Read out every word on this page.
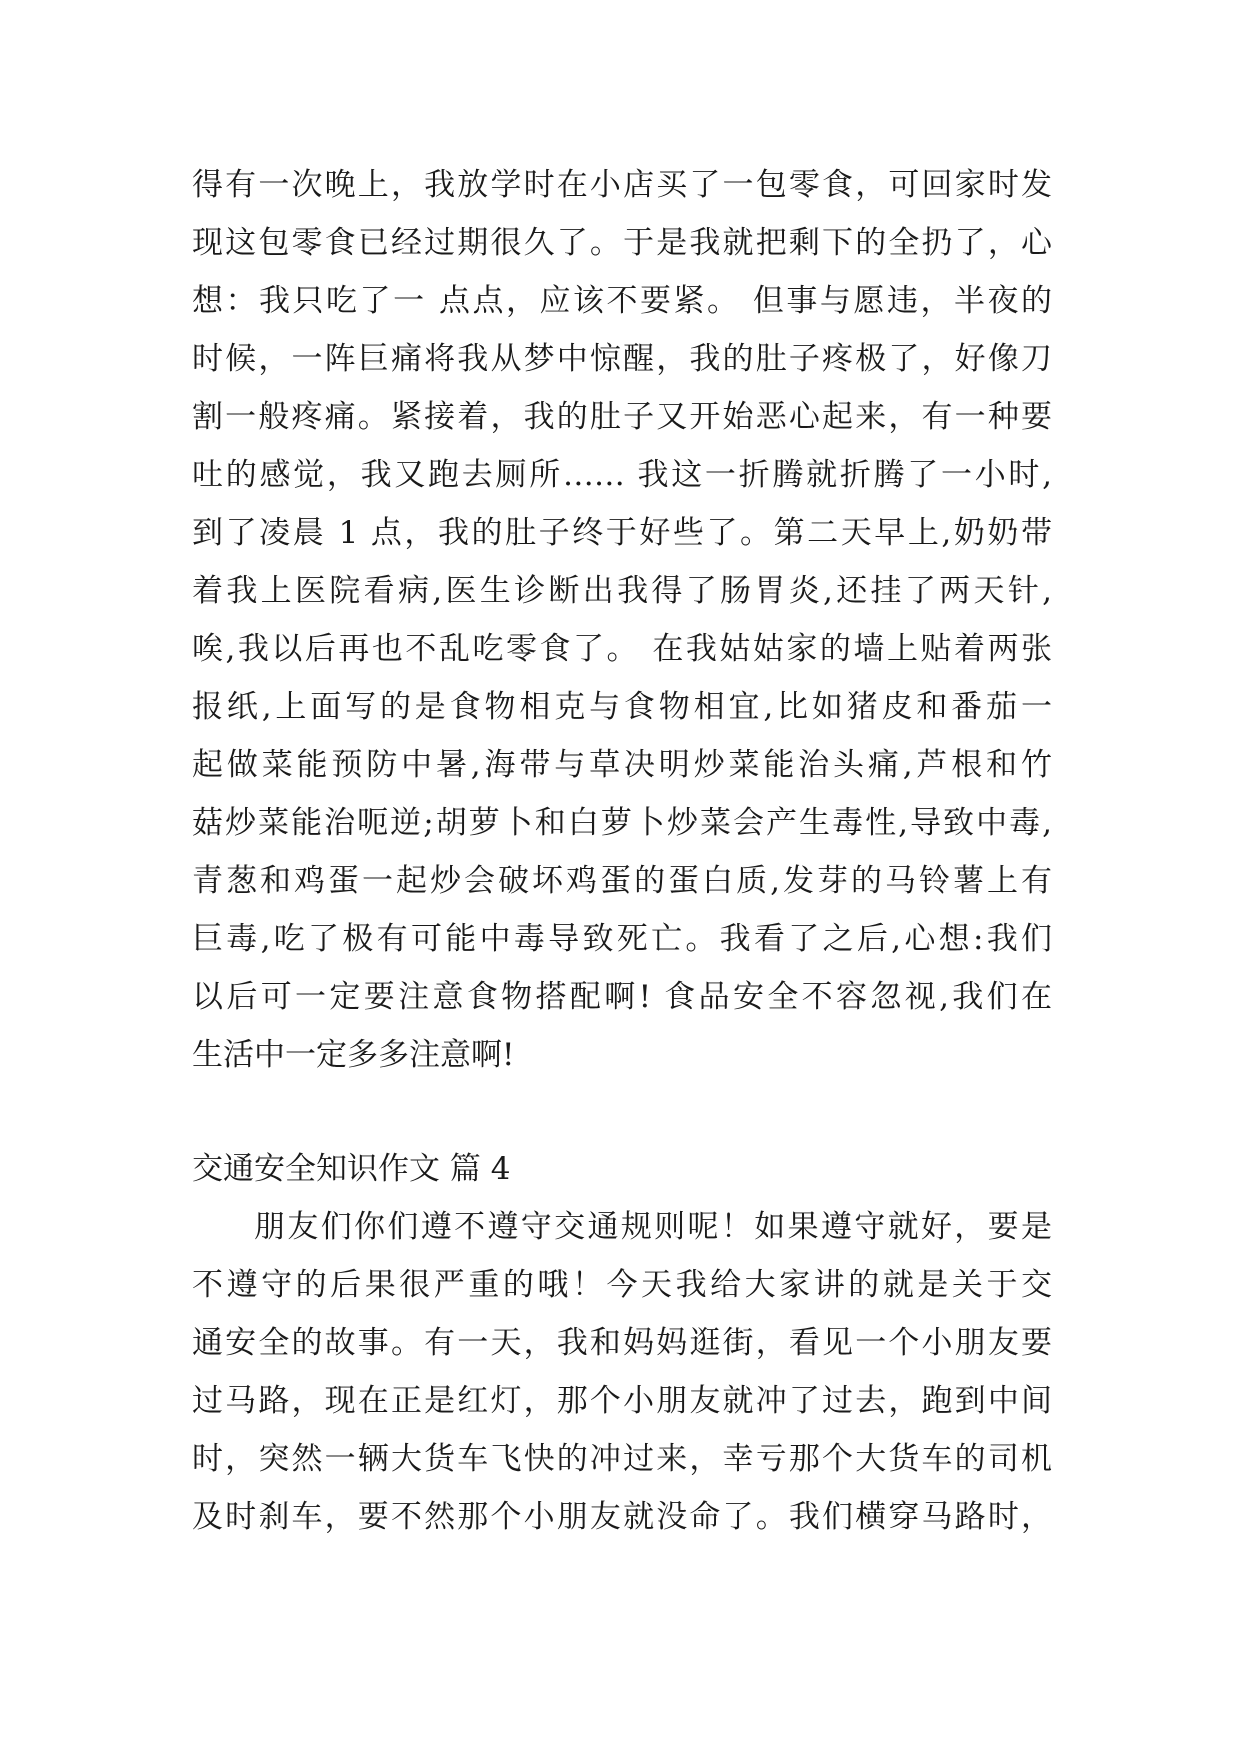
得有一次晚上，我放学时在小店买了一包零食，可回家时发
现这包零食已经过期很久了。于是我就把剩下的全扔了，心
想：我只吃了一 点点，应该不要紧。 但事与愿违，半夜的
时候，一阵巨痛将我从梦中惊醒，我的肚子疼极了，好像刀
割一般疼痛。紧接着，我的肚子又开始恶心起来，有一种要
吐的感觉，我又跑去厕所…… 我这一折腾就折腾了一小时,
到了凌晨 1 点，我的肚子终于好些了。第二天早上,奶奶带
着我上医院看病,医生诊断出我得了肠胃炎,还挂了两天针,
唉,我以后再也不乱吃零食了。 在我姑姑家的墙上贴着两张
报纸,上面写的是食物相克与食物相宜,比如猪皮和番茄一
起做菜能预防中暑,海带与草决明炒菜能治头痛,芦根和竹
菇炒菜能治呃逆;胡萝卜和白萝卜炒菜会产生毒性,导致中毒,
青葱和鸡蛋一起炒会破坏鸡蛋的蛋白质,发芽的马铃薯上有
巨毒,吃了极有可能中毒导致死亡。我看了之后,心想:我们
以后可一定要注意食物搭配啊! 食品安全不容忽视,我们在
生活中一定多多注意啊!
交通安全知识作文 篇 4
朋友们你们遵不遵守交通规则呢！如果遵守就好，要是
不遵守的后果很严重的哦！今天我给大家讲的就是关于交
通安全的故事。有一天，我和妈妈逛街，看见一个小朋友要
过马路，现在正是红灯，那个小朋友就冲了过去，跑到中间
时，突然一辆大货车飞快的冲过来，幸亏那个大货车的司机
及时刹车，要不然那个小朋友就没命了。我们横穿马路时，
